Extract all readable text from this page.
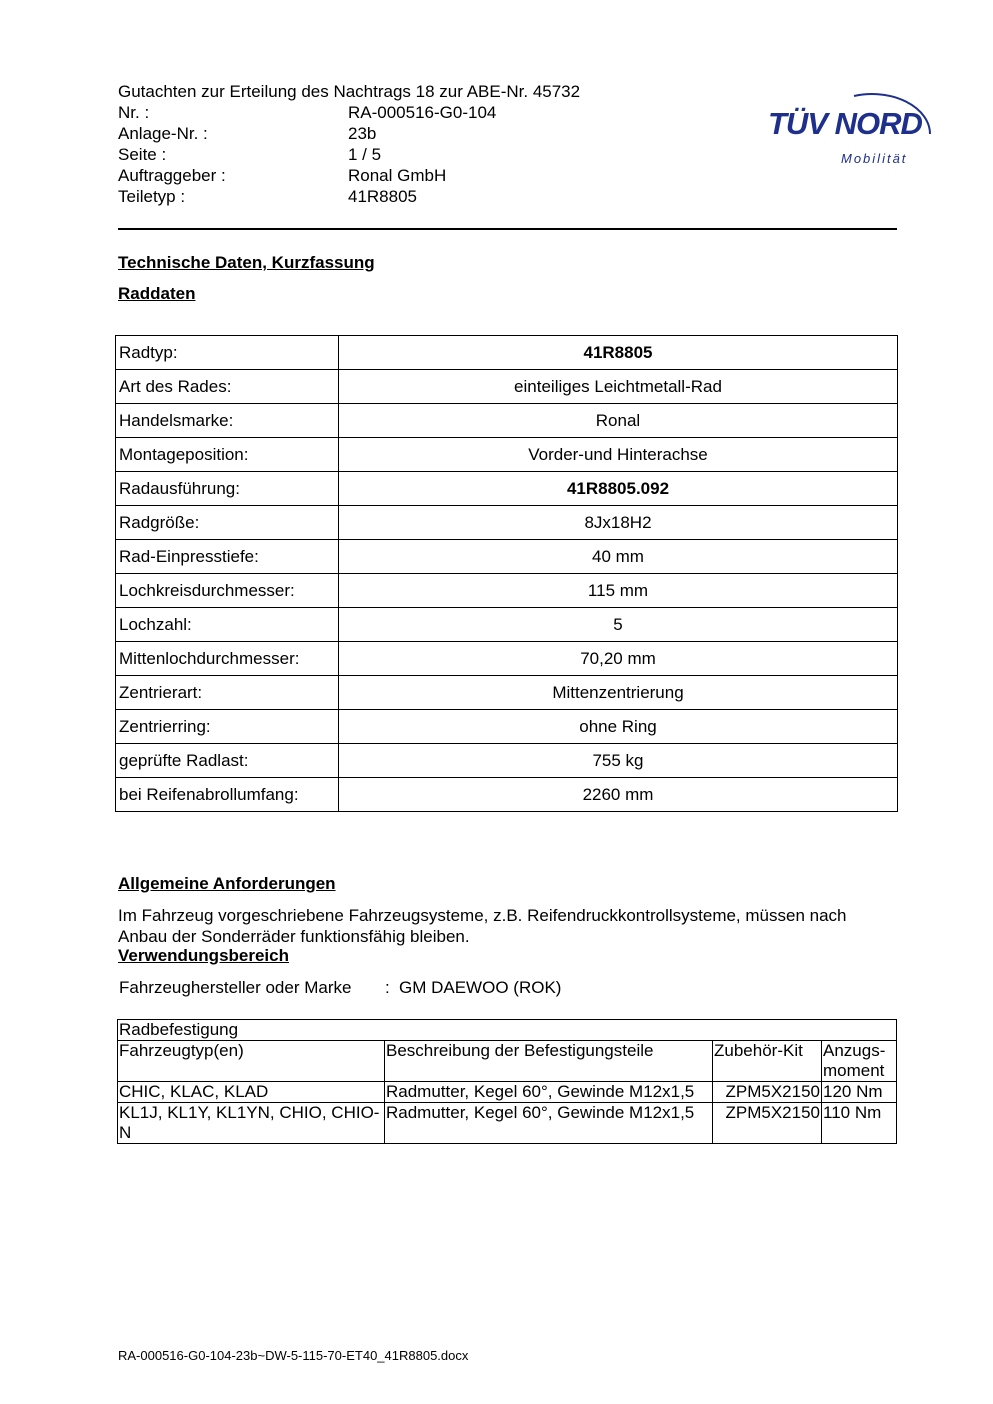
Gutachten zur Erteilung des Nachtrags 18 zur ABE-Nr. 45732
Nr. :	RA-000516-G0-104
Anlage-Nr. :	23b
Seite :	1 / 5
Auftraggeber :	Ronal GmbH
Teiletyp :	41R8805
TÜV NORD
Mobilität
Technische Daten, Kurzfassung
Raddaten
Radtyp:	41R8805
Art des Rades:	einteiliges Leichtmetall-Rad
Handelsmarke:	Ronal
Montageposition:	Vorder-und Hinterachse
Radausführung:	41R8805.092
Radgröße:	8Jx18H2
Rad-Einpresstiefe:	40 mm
Lochkreisdurchmesser:	115 mm
Lochzahl:	5
Mittenlochdurchmesser:	70,20 mm
Zentrierart:	Mittenzentrierung
Zentrierring:	ohne Ring
geprüfte Radlast:	755 kg
bei Reifenabrollumfang:	2260 mm
Allgemeine Anforderungen
Im Fahrzeug vorgeschriebene Fahrzeugsysteme, z.B. Reifendruckkontrollsysteme, müssen nach Anbau der Sonderräder funktionsfähig bleiben.
Verwendungsbereich
Fahrzeughersteller oder Marke : GM DAEWOO (ROK)
Radbefestigung			
Fahrzeugtyp(en)	Beschreibung der Befestigungsteile	Zubehör-Kit	Anzugs-moment
CHIC, KLAC, KLAD	Radmutter, Kegel 60°, Gewinde M12x1,5	ZPM5X2150	120 Nm
KL1J, KL1Y, KL1YN, CHIO, CHIO-N	Radmutter, Kegel 60°, Gewinde M12x1,5	ZPM5X2150	110 Nm
RA-000516-G0-104-23b~DW-5-115-70-ET40_41R8805.docx
